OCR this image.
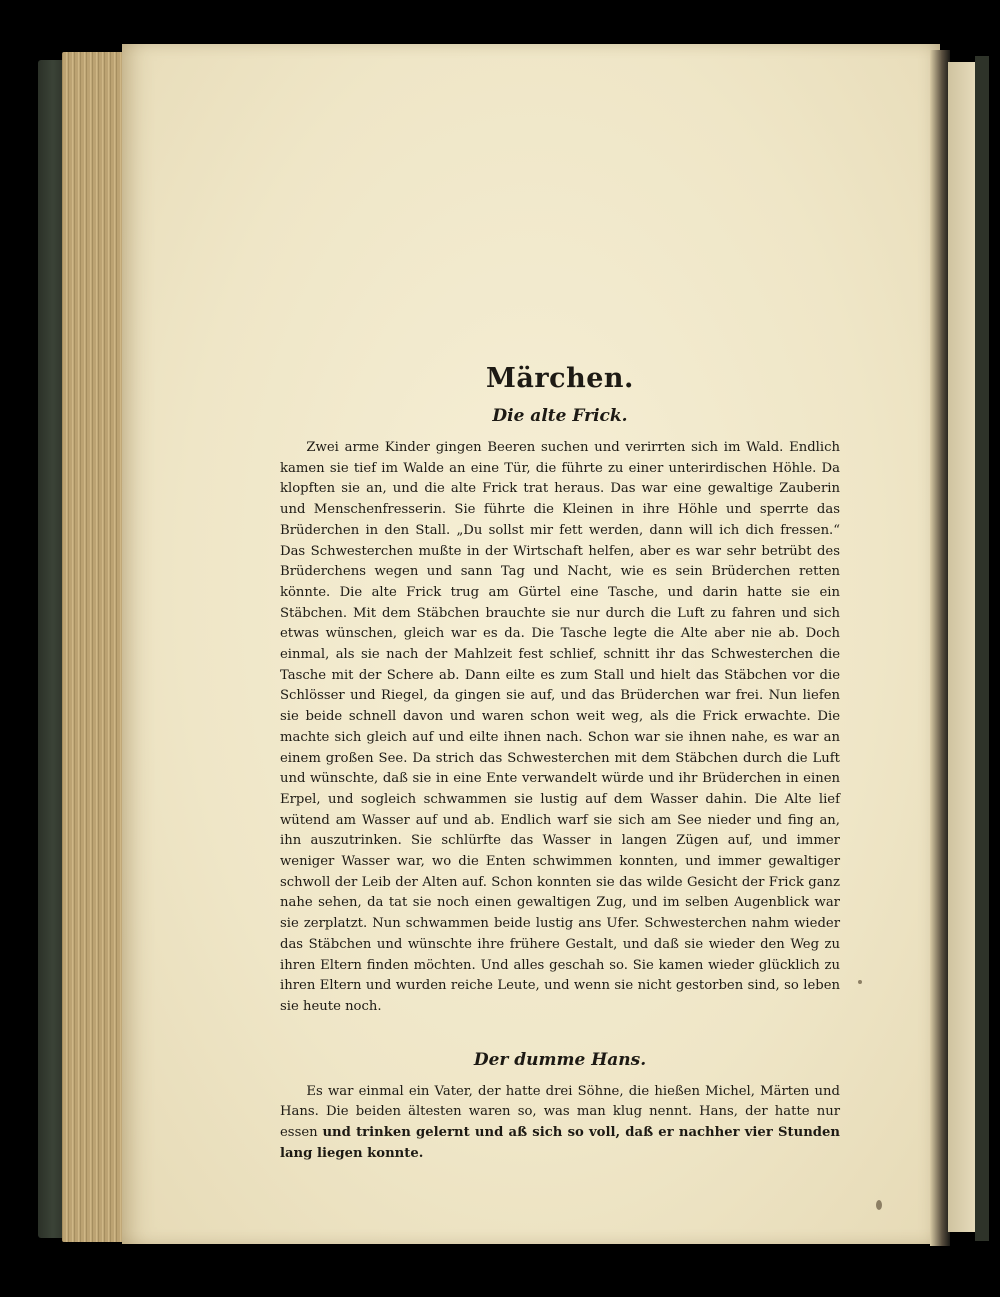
Märchen.
Die alte Frick.

Zwei arme Kinder gingen Beeren suchen und verirrten sich im Wald. Endlich kamen sie tief im Walde an eine Tür, die führte zu einer unterirdischen Höhle. Da klopften sie an, und die alte Frick trat heraus. Das war eine gewaltige Zauberin und Menschenfresserin. Sie führte die Kleinen in ihre Höhle und sperrte das Brüderchen in den Stall. „Du sollst mir fett werden, dann will ich dich fressen.“ Das Schwesterchen mußte in der Wirtschaft helfen, aber es war sehr betrübt des Brüderchens wegen und sann Tag und Nacht, wie es sein Brüderchen retten könnte. Die alte Frick trug am Gürtel eine Tasche, und darin hatte sie ein Stäbchen. Mit dem Stäbchen brauchte sie nur durch die Luft zu fahren und sich etwas wünschen, gleich war es da. Die Tasche legte die Alte aber nie ab. Doch einmal, als sie nach der Mahlzeit fest schlief, schnitt ihr das Schwesterchen die Tasche mit der Schere ab. Dann eilte es zum Stall und hielt das Stäbchen vor die Schlösser und Riegel, da gingen sie auf, und das Brüderchen war frei. Nun liefen sie beide schnell davon und waren schon weit weg, als die Frick erwachte. Die machte sich gleich auf und eilte ihnen nach. Schon war sie ihnen nahe, es war an einem großen See. Da strich das Schwesterchen mit dem Stäbchen durch die Luft und wünschte, daß sie in eine Ente verwandelt würde und ihr Brüderchen in einen Erpel, und sogleich schwammen sie lustig auf dem Wasser dahin. Die Alte lief wütend am Wasser auf und ab. Endlich warf sie sich am See nieder und fing an, ihn auszutrinken. Sie schlürfte das Wasser in langen Zügen auf, und immer weniger Wasser war, wo die Enten schwimmen konnten, und immer gewaltiger schwoll der Leib der Alten auf. Schon konnten sie das wilde Gesicht der Frick ganz nahe sehen, da tat sie noch einen gewaltigen Zug, und im selben Augenblick war sie zerplatzt. Nun schwammen beide lustig ans Ufer. Schwesterchen nahm wieder das Stäbchen und wünschte ihre frühere Gestalt, und daß sie wieder den Weg zu ihren Eltern finden möchten. Und alles geschah so. Sie kamen wieder glücklich zu ihren Eltern und wurden reiche Leute, und wenn sie nicht gestorben sind, so leben sie heute noch.

Der dumme Hans.

Es war einmal ein Vater, der hatte drei Söhne, die hießen Michel, Märten und Hans. Die beiden ältesten waren so, was man klug nennt. Hans, der hatte nur essen und trinken gelernt und aß sich so voll, daß er nachher vier Stunden lang liegen konnte.
